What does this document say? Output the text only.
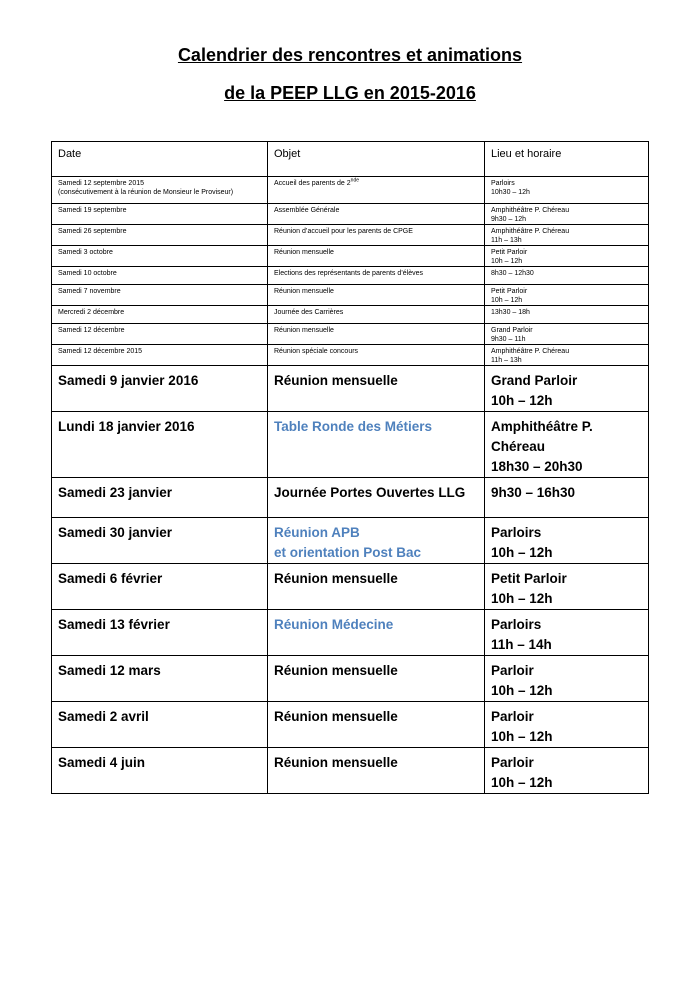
Calendrier des rencontres et animations
de la PEEP LLG en 2015-2016
Date	Objet	Lieu et horaire
Samedi 12 septembre 2015
(consécutivement à la réunion de Monsieur le Proviseur)	Accueil des parents de 2nde	Parloirs
10h30 – 12h
Samedi 19 septembre	Assemblée Générale	Amphithéâtre P. Chéreau
9h30 – 12h
Samedi 26 septembre	Réunion d’accueil pour les parents de CPGE	Amphithéâtre P. Chéreau
11h – 13h
Samedi 3 octobre	Réunion mensuelle	Petit Parloir
10h – 12h
Samedi 10 octobre	Elections des représentants de parents d’élèves	8h30 – 12h30
Samedi 7 novembre	Réunion mensuelle	Petit Parloir
10h – 12h
Mercredi 2 décembre	Journée des Carrières	13h30 – 18h
Samedi 12 décembre	Réunion mensuelle	Grand Parloir
9h30 – 11h
Samedi 12 décembre 2015	Réunion spéciale concours	Amphithéâtre P. Chéreau
11h – 13h
Samedi 9 janvier 2016	Réunion mensuelle	Grand Parloir
10h – 12h
Lundi 18 janvier 2016	Table Ronde des Métiers	Amphithéâtre P. Chéreau
18h30 – 20h30
Samedi 23 janvier	Journée Portes Ouvertes LLG	9h30 – 16h30
Samedi 30 janvier	Réunion APB
et orientation Post Bac	Parloirs
10h – 12h
Samedi 6 février	Réunion mensuelle	Petit Parloir
10h – 12h
Samedi 13 février	Réunion Médecine	Parloirs
11h – 14h
Samedi 12 mars	Réunion mensuelle	Parloir
10h – 12h
Samedi 2 avril	Réunion mensuelle	Parloir
10h – 12h
Samedi 4 juin	Réunion mensuelle	Parloir
10h – 12h
